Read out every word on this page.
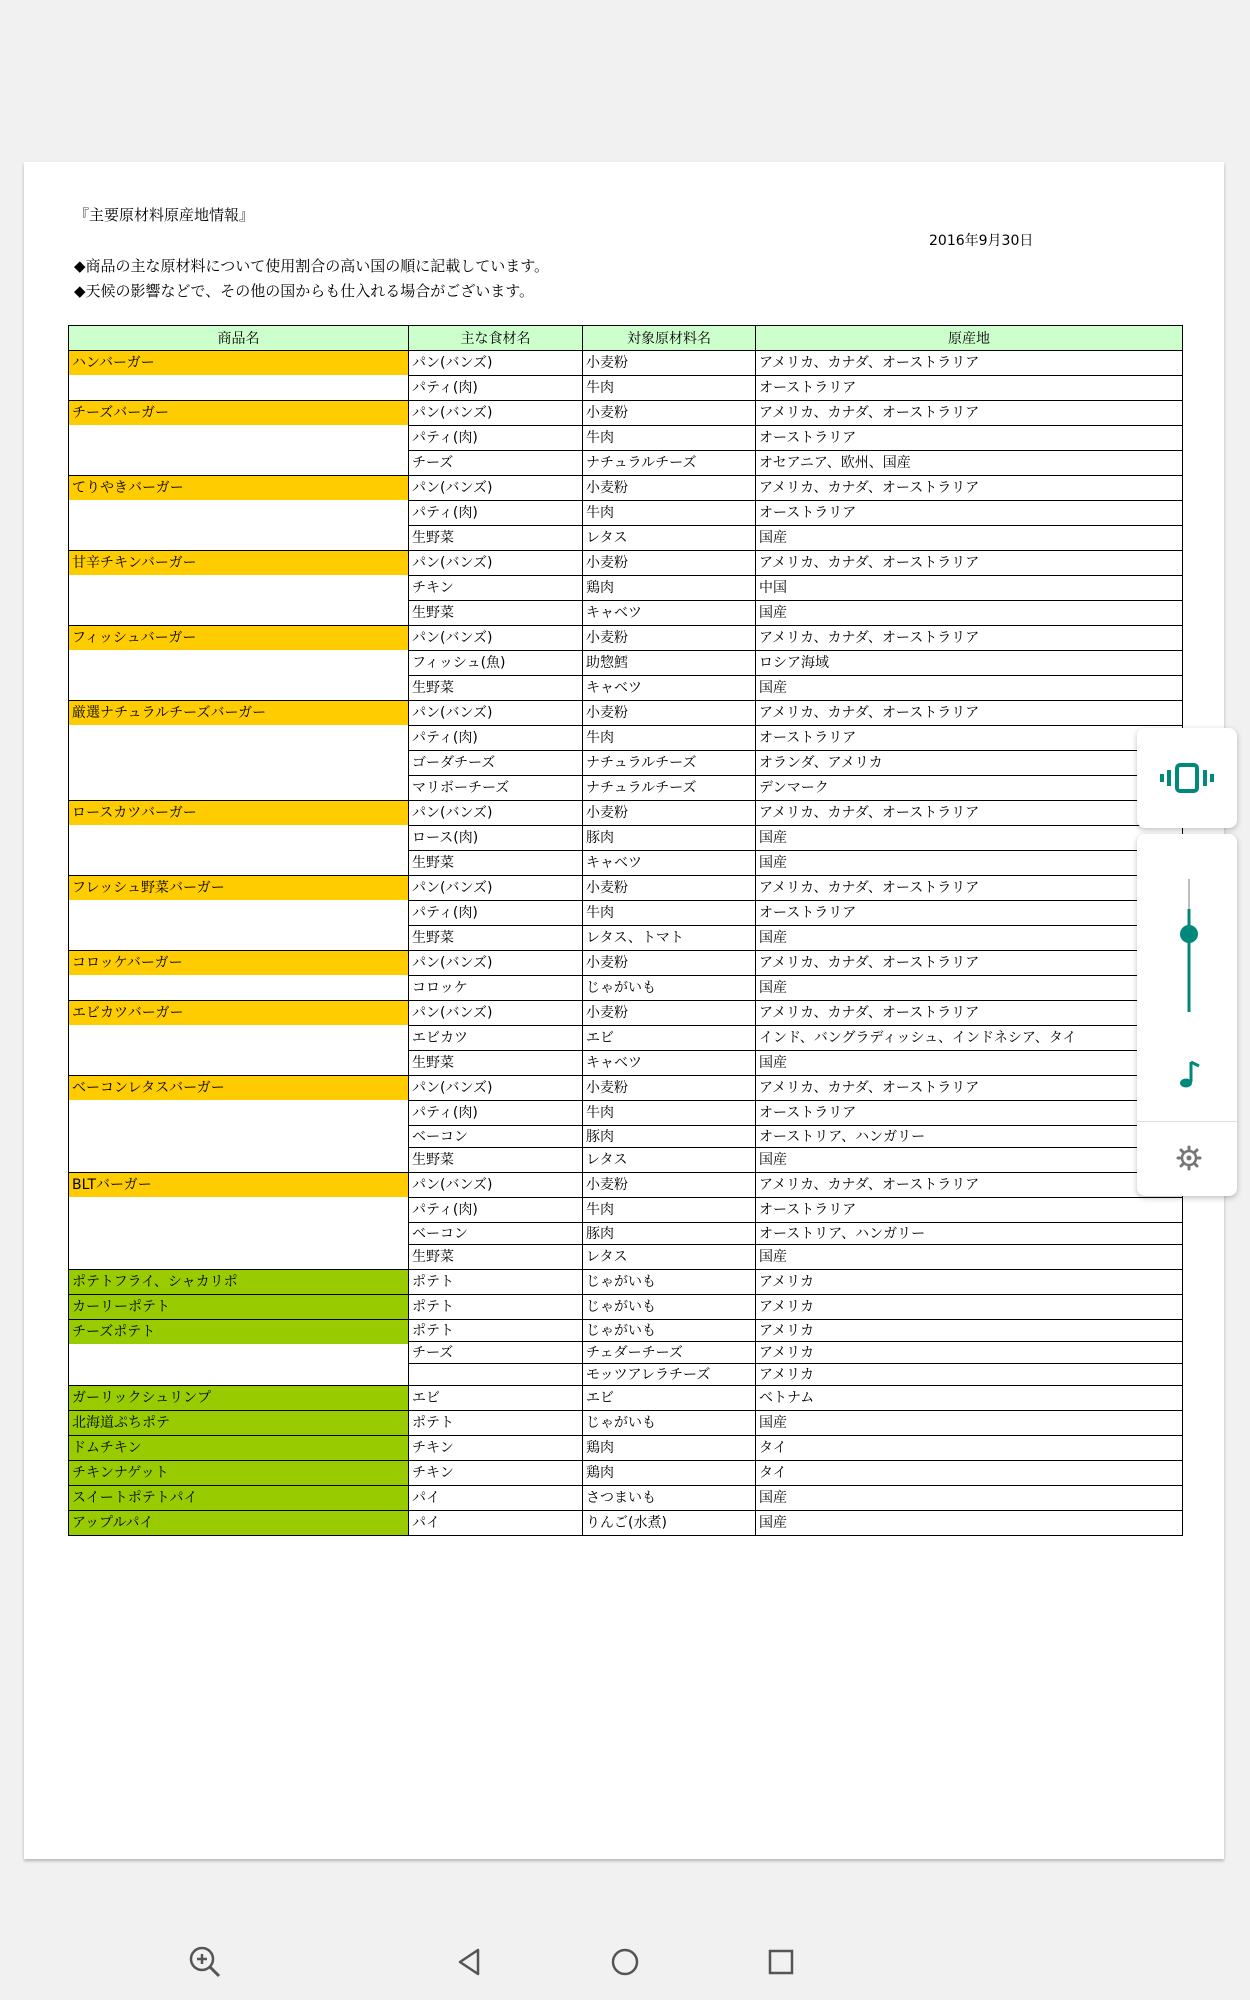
『主要原材料原産地情報』
2016年9月30日
◆商品の主な原材料について使用割合の高い国の順に記載しています。
◆天候の影響などで、その他の国からも仕入れる場合がございます。
商品名	主な食材名	対象原材料名	原産地

ハンバーガー	パン(バンズ)	小麦粉	アメリカ、カナダ、オーストラリア
	パティ(肉)	牛肉	オーストラリア

チーズバーガー	パン(バンズ)	小麦粉	アメリカ、カナダ、オーストラリア
	パティ(肉)	牛肉	オーストラリア
	チーズ	ナチュラルチーズ	オセアニア、欧州、国産

てりやきバーガー	パン(バンズ)	小麦粉	アメリカ、カナダ、オーストラリア
	パティ(肉)	牛肉	オーストラリア
	生野菜	レタス	国産

甘辛チキンバーガー	パン(バンズ)	小麦粉	アメリカ、カナダ、オーストラリア
	チキン	鶏肉	中国
	生野菜	キャベツ	国産

フィッシュバーガー	パン(バンズ)	小麦粉	アメリカ、カナダ、オーストラリア
	フィッシュ(魚)	助惣鱈	ロシア海域
	生野菜	キャベツ	国産

厳選ナチュラルチーズバーガー	パン(バンズ)	小麦粉	アメリカ、カナダ、オーストラリア
	パティ(肉)	牛肉	オーストラリア
	ゴーダチーズ	ナチュラルチーズ	オランダ、アメリカ
	マリボーチーズ	ナチュラルチーズ	デンマーク

ロースカツバーガー	パン(バンズ)	小麦粉	アメリカ、カナダ、オーストラリア
	ロース(肉)	豚肉	国産
	生野菜	キャベツ	国産

フレッシュ野菜バーガー	パン(バンズ)	小麦粉	アメリカ、カナダ、オーストラリア
	パティ(肉)	牛肉	オーストラリア
	生野菜	レタス、トマト	国産

コロッケバーガー	パン(バンズ)	小麦粉	アメリカ、カナダ、オーストラリア
	コロッケ	じゃがいも	国産

エビカツバーガー	パン(バンズ)	小麦粉	アメリカ、カナダ、オーストラリア
	エビカツ	エビ	インド、バングラディッシュ、インドネシア、タイ
	生野菜	キャベツ	国産

ベーコンレタスバーガー	パン(バンズ)	小麦粉	アメリカ、カナダ、オーストラリア
	パティ(肉)	牛肉	オーストラリア
	ベーコン	豚肉	オーストリア、ハンガリー
	生野菜	レタス	国産

BLTバーガー	パン(バンズ)	小麦粉	アメリカ、カナダ、オーストラリア
	パティ(肉)	牛肉	オーストラリア
	ベーコン	豚肉	オーストリア、ハンガリー
	生野菜	レタス	国産

ポテトフライ、シャカリポ	ポテト	じゃがいも	アメリカ

カーリーポテト	ポテト	じゃがいも	アメリカ

チーズポテト	ポテト	じゃがいも	アメリカ
	チーズ	チェダーチーズ	アメリカ
		モッツアレラチーズ	アメリカ

ガーリックシュリンプ	エビ	エビ	ベトナム

北海道ぷちポテ	ポテト	じゃがいも	国産

ドムチキン	チキン	鶏肉	タイ

チキンナゲット	チキン	鶏肉	タイ

スイートポテトパイ	パイ	さつまいも	国産

アップルパイ	パイ	りんご(水煮)	国産
